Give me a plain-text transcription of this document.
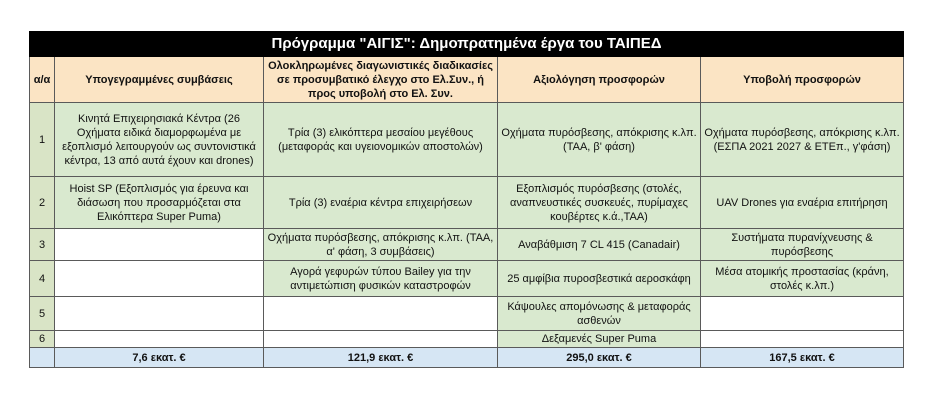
Πρόγραμμα "ΑΙΓΙΣ": Δημοπρατημένα έργα του ΤΑΙΠΕΔ				
α/α	Υπογεγραμμένες συμβάσεις	Ολοκληρωμένες διαγωνιστικές διαδικασίες σε προσυμβατικό έλεγχο στο Ελ.Συν., ή προς υποβολή στο Ελ. Συν.	Αξιολόγηση προσφορών	Υποβολή προσφορών
1	Κινητά Επιχειρησιακά Κέντρα (26 Οχήματα ειδικά διαμορφωμένα με εξοπλισμό λειτουργούν ως συντονιστικά κέντρα, 13 από αυτά έχουν και drones)	Τρία (3) ελικόπτερα μεσαίου μεγέθους (μεταφοράς και υγειονομικών αποστολών)	Οχήματα πυρόσβεσης, απόκρισης κ.λπ. (ΤΑΑ, β' φάση)	Οχήματα πυρόσβεσης, απόκρισης κ.λπ. (ΕΣΠΑ 2021 2027 & ΕΤΕπ., γ'φάση)
2	Hoist SP (Εξοπλισμός για έρευνα και διάσωση που προσαρμόζεται στα Ελικόπτερα Super Puma)	Τρία (3) εναέρια κέντρα επιχειρήσεων	Εξοπλισμός πυρόσβεσης (στολές, αναπνευστικές συσκευές, πυρίμαχες κουβέρτες κ.ά.,ΤΑΑ)	UAV Drones για εναέρια επιτήρηση
3		Οχήματα πυρόσβεσης, απόκρισης κ.λπ. (ΤΑΑ, α' φάση, 3 συμβάσεις)	Αναβάθμιση 7 CL 415 (Canadair)	Συστήματα πυρανίχνευσης & πυρόσβεσης
4		Αγορά γεφυρών τύπου Bailey για την αντιμετώπιση φυσικών καταστροφών	25 αμφίβια πυροσβεστικά αεροσκάφη	Μέσα ατομικής προστασίας (κράνη, στολές κ.λπ.)
5			Κάψουλες απομόνωσης & μεταφοράς ασθενών	
6			Δεξαμενές Super Puma	
	7,6 εκατ. €	121,9 εκατ. €	295,0 εκατ. €	167,5 εκατ. €
